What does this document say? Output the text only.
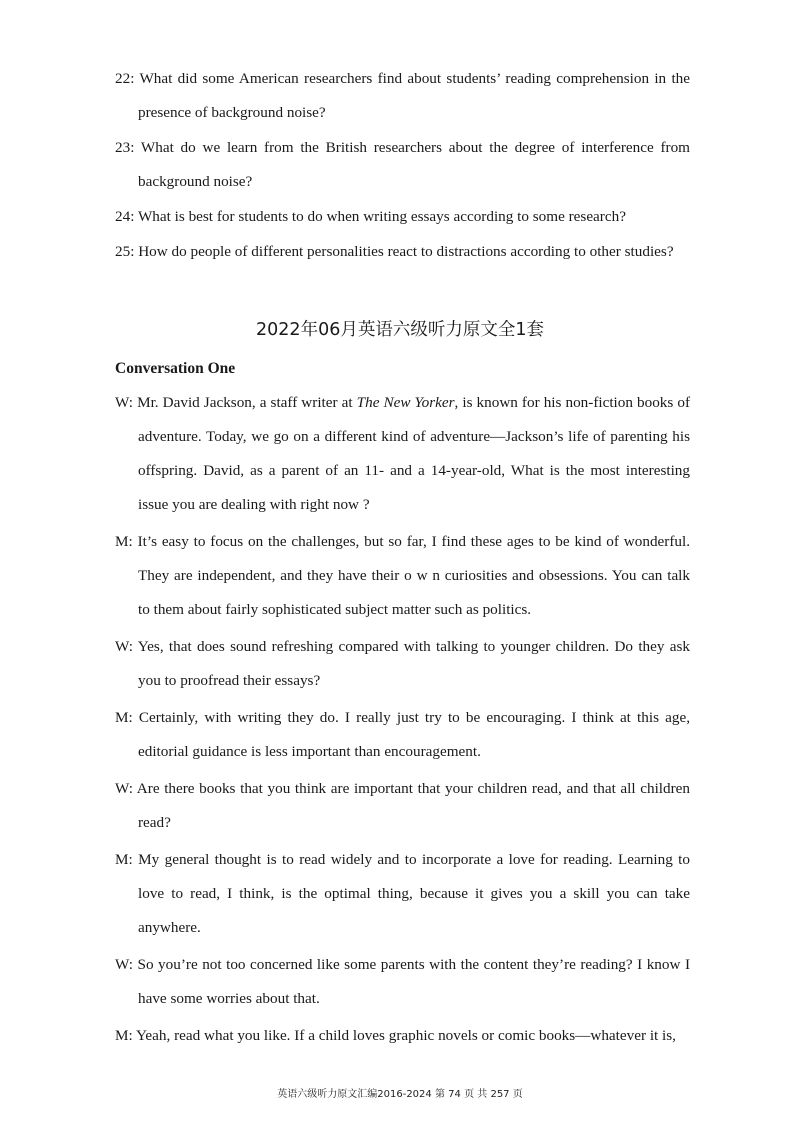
22: What did some American researchers find about students’ reading comprehension in the presence of background noise?

23: What do we learn from the British researchers about the degree of interference from background noise?

24: What is best for students to do when writing essays according to some research?

25: How do people of different personalities react to distractions according to other studies?

2022年06月英语六级听力原文全1套
Conversation One

W: Mr. David Jackson, a staff writer at The New Yorker, is known for his non-fiction books of adventure. Today, we go on a different kind of adventure—Jackson’s life of parenting his offspring. David, as a parent of an 11- and a 14-year-old, What is the most interesting issue you are dealing with right now ?

M: It’s easy to focus on the challenges, but so far, I find these ages to be kind of wonderful. They are independent, and they have their o w n curiosities and obsessions. You can talk to them about fairly sophisticated subject matter such as politics.

W: Yes, that does sound refreshing compared with talking to younger children. Do they ask you to proofread their essays?

M: Certainly, with writing they do. I really just try to be encouraging. I think at this age, editorial guidance is less important than encouragement.

W: Are there books that you think are important that your children read, and that all children read?

M: My general thought is to read widely and to incorporate a love for reading. Learning to love to read, I think, is the optimal thing, because it gives you a skill you can take anywhere.

W: So you’re not too concerned like some parents with the content they’re reading? I know I have some worries about that.

M: Yeah, read what you like. If a child loves graphic novels or comic books—whatever it is,

英语六级听力原文汇编2016-2024 第 74 页 共 257 页
